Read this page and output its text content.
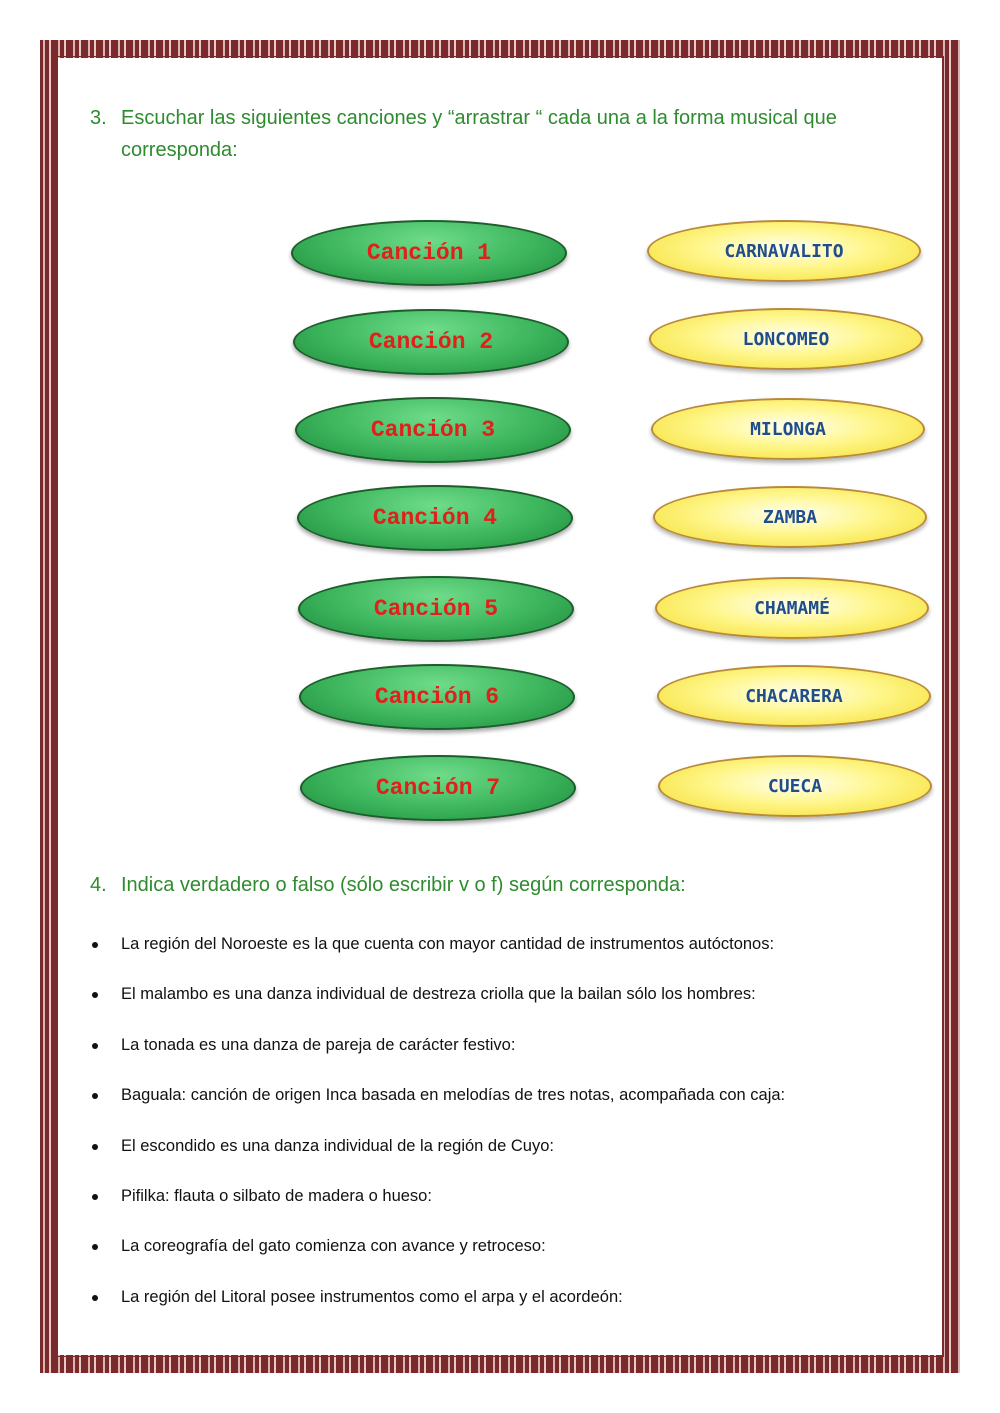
3. Escuchar las siguientes canciones y “arrastrar “ cada una a la forma musical que corresponda:
4. Indica verdadero o falso (sólo escribir v o f) según corresponda:
Canción 1	CARNAVALITO
Canción 2	LONCOMEO
Canción 3	MILONGA
Canción 4	ZAMBA
Canción 5	CHAMAMÉ
Canción 6	CHACARERA
Canción 7	CUECA
La región del Noroeste es la que cuenta con mayor cantidad de instrumentos autóctonos:
El malambo es una danza individual de destreza criolla que la bailan sólo los hombres:
La tonada es una danza de pareja de carácter festivo:
Baguala: canción de origen Inca basada en melodías de tres notas, acompañada con caja:
El escondido es una danza individual de la región de Cuyo:
Pifilka: flauta o silbato de madera o hueso:
La coreografía del gato comienza con avance y retroceso:
La región del Litoral posee instrumentos como el arpa y el acordeón:
